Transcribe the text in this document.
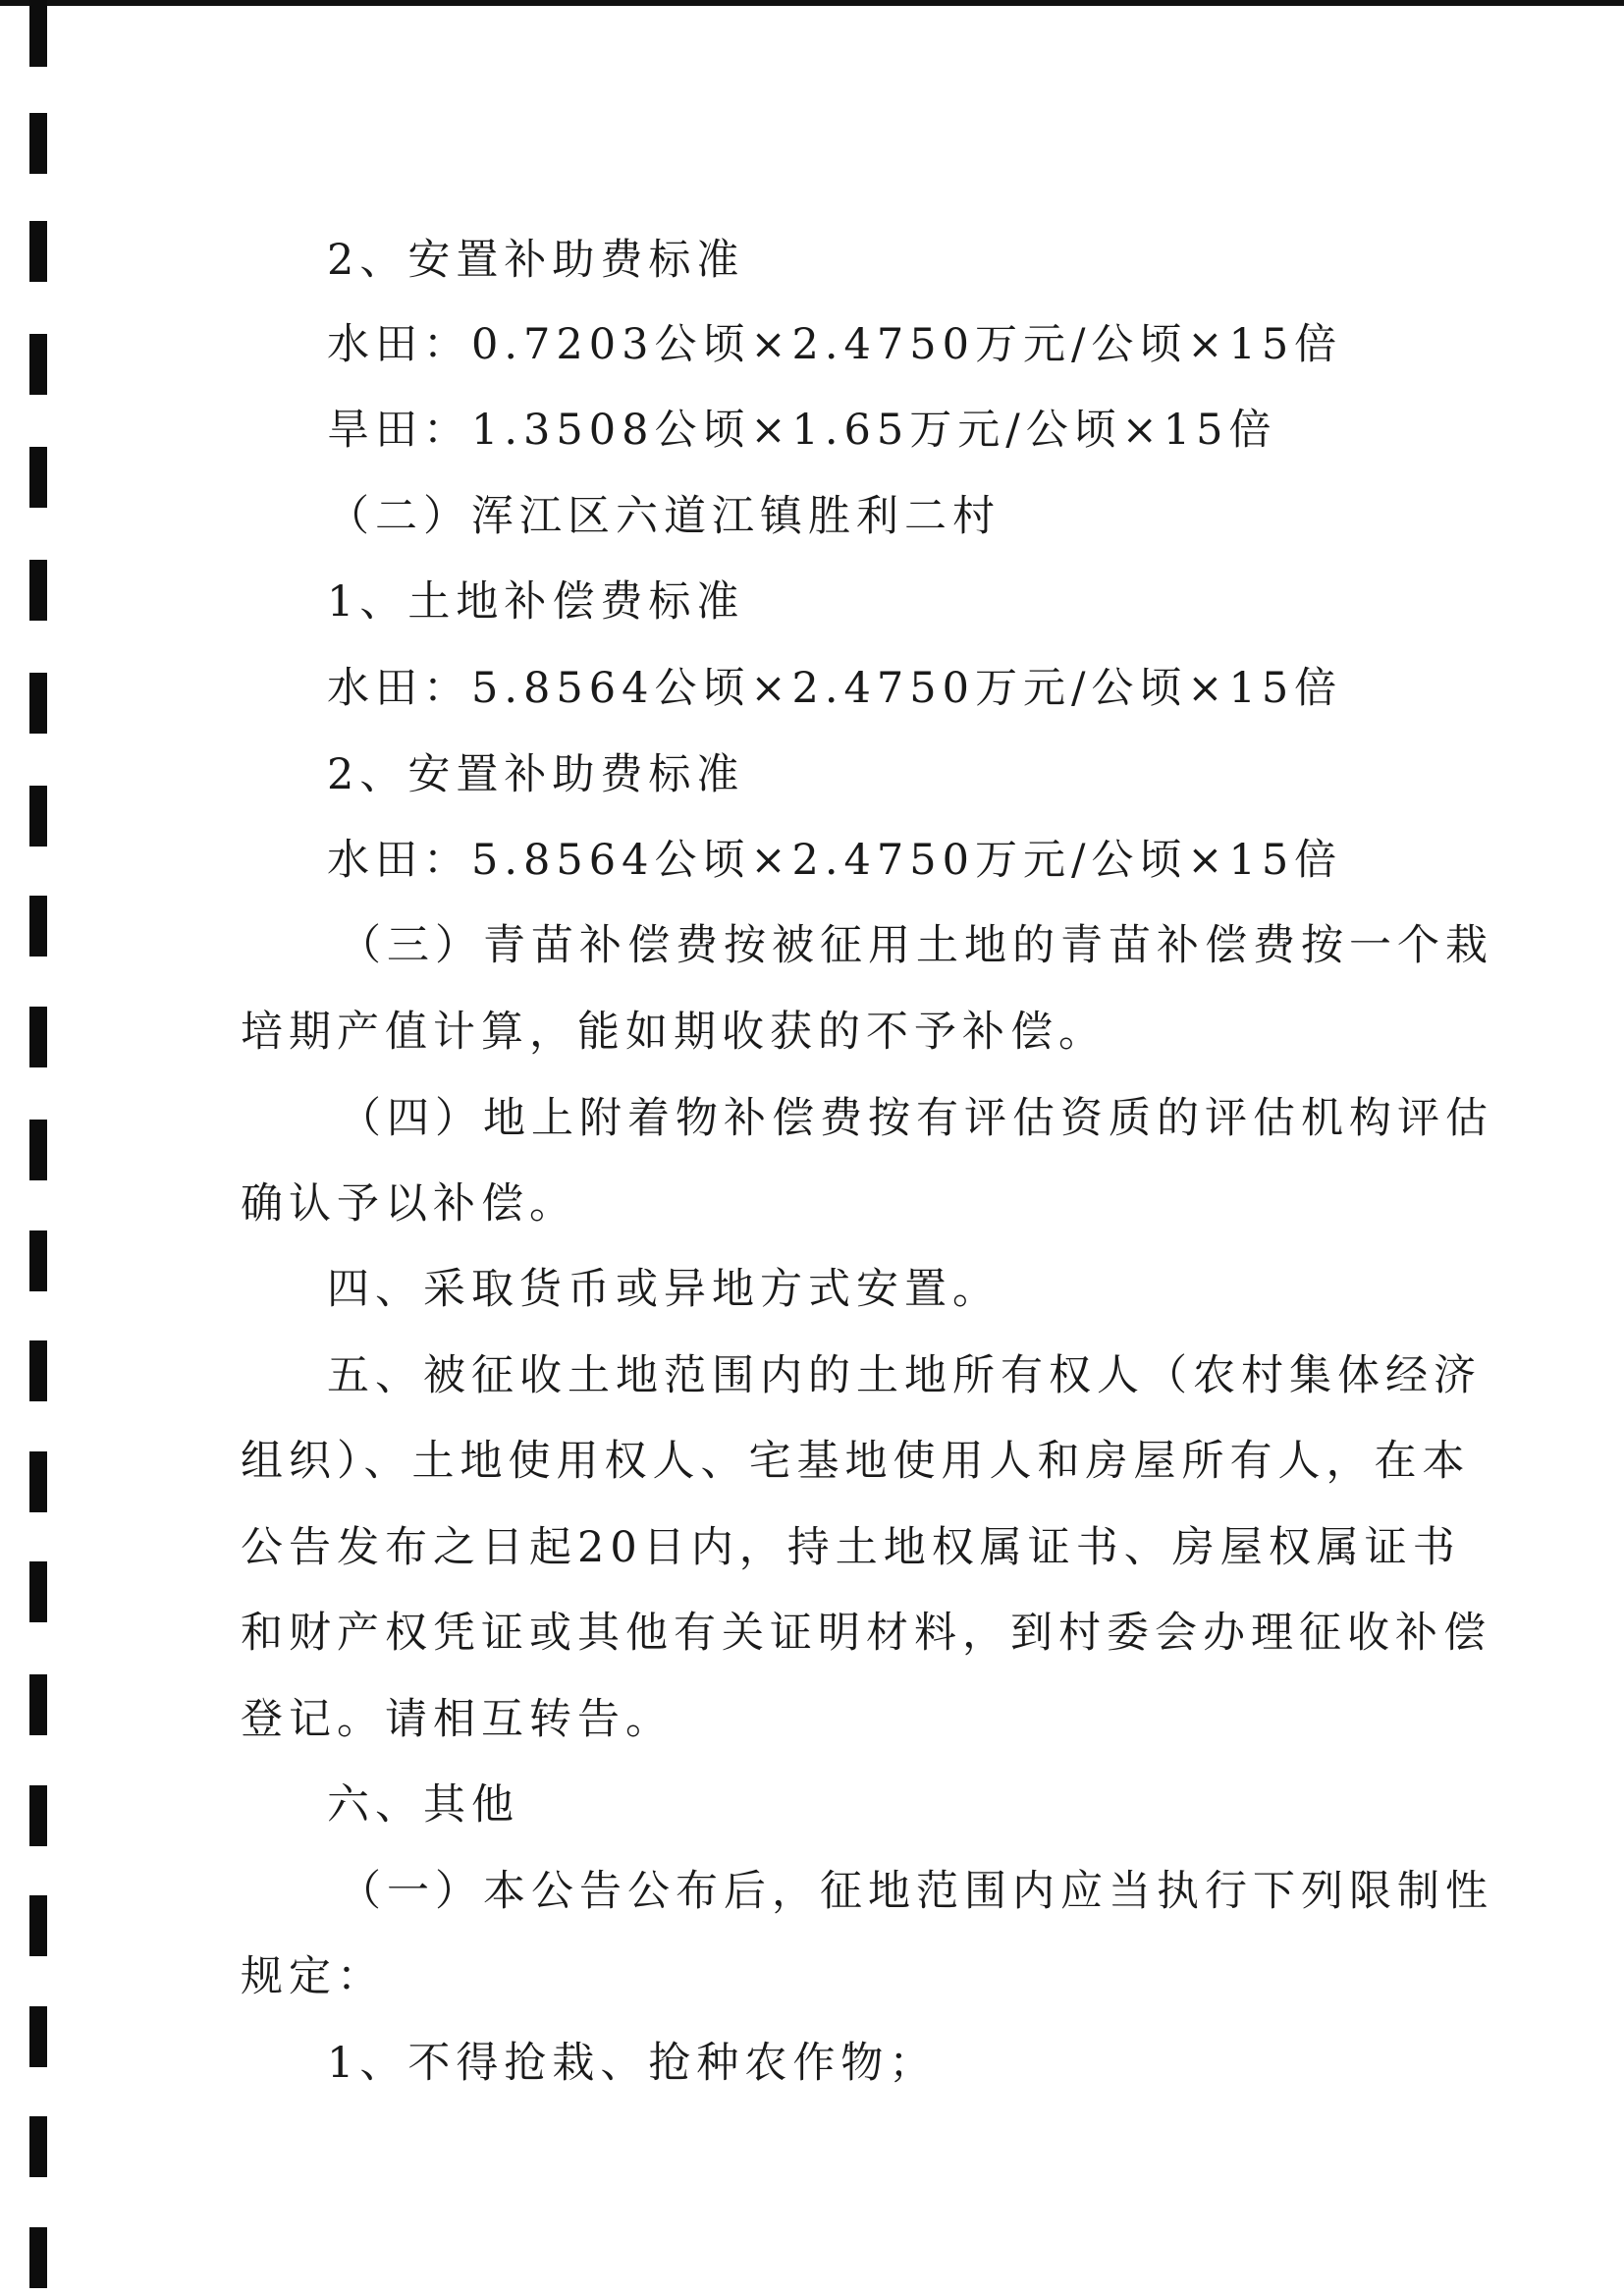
2、安置补助费标准
水田：0.7203公顷×2.4750万元/公顷×15倍
旱田：1.3508公顷×1.65万元/公顷×15倍
（二）浑江区六道江镇胜利二村
1、土地补偿费标准
水田：5.8564公顷×2.4750万元/公顷×15倍
2、安置补助费标准
水田：5.8564公顷×2.4750万元/公顷×15倍
（三）青苗补偿费按被征用土地的青苗补偿费按一个栽
培期产值计算，能如期收获的不予补偿。
（四）地上附着物补偿费按有评估资质的评估机构评估
确认予以补偿。
四、采取货币或异地方式安置。
五、被征收土地范围内的土地所有权人（农村集体经济
组织）、土地使用权人、宅基地使用人和房屋所有人，在本
公告发布之日起20日内，持土地权属证书、房屋权属证书
和财产权凭证或其他有关证明材料，到村委会办理征收补偿
登记。请相互转告。
六、其他
（一）本公告公布后，征地范围内应当执行下列限制性
规定：
1、不得抢栽、抢种农作物；
